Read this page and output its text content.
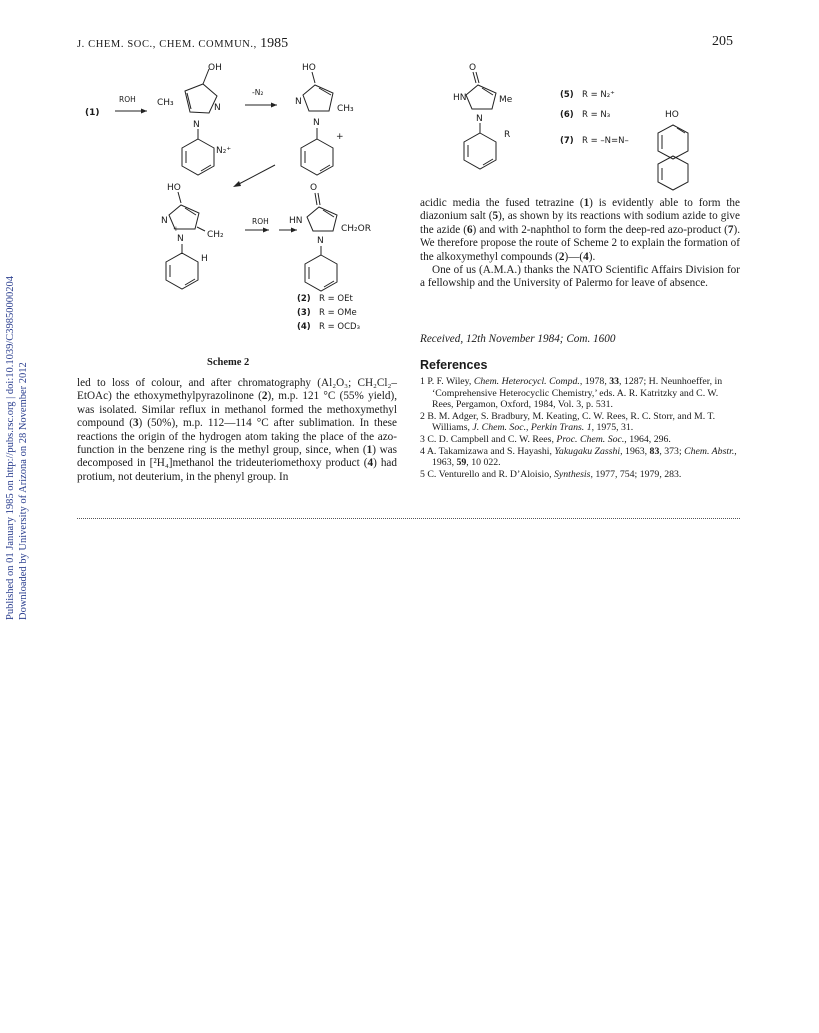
Published on 01 January 1985 on http://pubs.rsc.org | doi:10.1039/C39850000204 Downloaded by University of Arizona on 28 November 2012
J. CHEM. SOC., CHEM. COMMUN., 1985	205
(1)
ROH
OH
CH₃	N
N
N₂⁺
-N₂
HO
N
N
CH₃
+
HO
N
N
+
CH₂
H
ROH
O
HN
N
CH₂OR
(2) R = OEt
(3) R = OMe
(4) R = OCD₃
O
HN
N
Me
R
(5) R = N₂⁺
(6) R = N₃
(7) R = –N=N–
HO
Scheme 2

led to loss of colour, and after chromatography (Al₂O₃; CH₂Cl₂–EtOAc) the ethoxymethylpyrazolinone (2), m.p. 121 °C (55% yield), was isolated. Similar reflux in methanol formed the methoxymethyl compound (3) (50%), m.p. 112—114 °C after sublimation. In these reactions the origin of the hydrogen atom taking the place of the azo-function in the benzene ring is the methyl group, since, when (1) was decomposed in [²H₄]methanol the trideuteriomethoxy product (4) had protium, not deuterium, in the phenyl group. In

acidic media the fused tetrazine (1) is evidently able to form the diazonium salt (5), as shown by its reactions with sodium azide to give the azide (6) and with 2-naphthol to form the deep-red azo-product (7). We therefore propose the route of Scheme 2 to explain the formation of the alkoxymethyl compounds (2)—(4).

One of us (A.M.A.) thanks the NATO Scientific Affairs Division for a fellowship and the University of Palermo for leave of absence.

Received, 12th November 1984; Com. 1600
References

1 P. F. Wiley, Chem. Heterocycl. Compd., 1978, 33, 1287; H. Neunhoeffer, in ‘Comprehensive Heterocyclic Chemistry,’ eds. A. R. Katritzky and C. W. Rees, Pergamon, Oxford, 1984, Vol. 3, p. 531.

2 B. M. Adger, S. Bradbury, M. Keating, C. W. Rees, R. C. Storr, and M. T. Williams, J. Chem. Soc., Perkin Trans. 1, 1975, 31.

3 C. D. Campbell and C. W. Rees, Proc. Chem. Soc., 1964, 296.

4 A. Takamizawa and S. Hayashi, Yakugaku Zasshi, 1963, 83, 373; Chem. Abstr., 1963, 59, 10 022.

5 C. Venturello and R. D’Aloisio, Synthesis, 1977, 754; 1979, 283.
